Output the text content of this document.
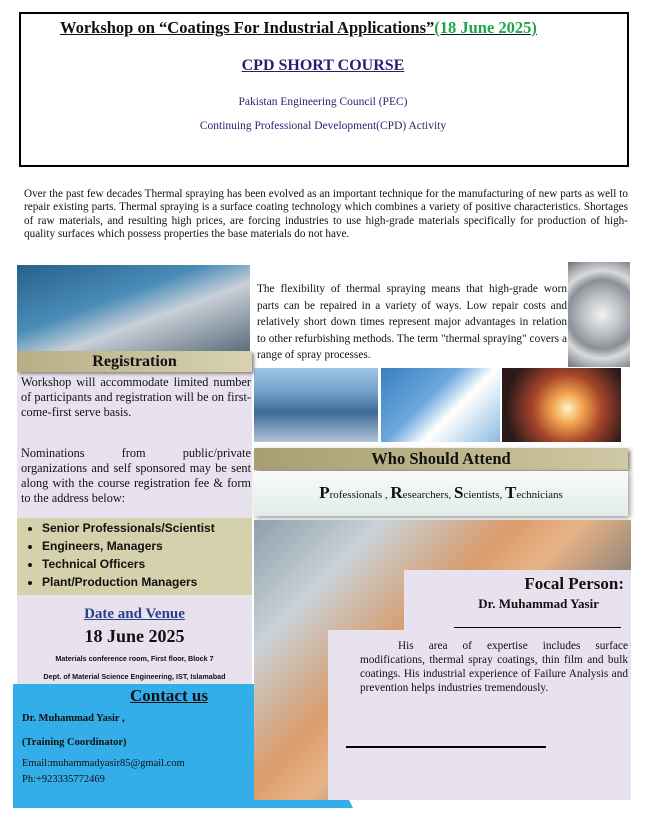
Workshop on “Coatings For Industrial Applications”(18 June 2025)
CPD SHORT COURSE
Pakistan Engineering Council (PEC)
Continuing Professional Development(CPD) Activity
Over the past few decades Thermal spraying has been evolved as an important technique for the manufacturing of new parts as well to repair existing parts. Thermal spraying is a surface coating technology which combines a variety of positive characteristics. Shortages of raw materials, and resulting high prices, are forcing industries to use high-grade materials specifically for production of high-quality surfaces which possess properties the base materials do not have.
The flexibility of thermal spraying means that high-grade worn parts can be repaired in a variety of ways. Low repair costs and relatively short down times represent major advantages in relation to other refurbishing methods. The term "thermal spraying" covers a range of spray processes.
Registration
Workshop will accommodate limited number of participants and registration will be on first-come-first serve basis.
Nominations from public/private organizations and self sponsored may be sent along with the course registration fee & form to the address below:
• Senior Professionals/Scientist
• Engineers, Managers
• Technical Officers
• Plant/Production Managers
Date and Venue
18 June 2025
Materials conference room, First floor, Block 7
Dept. of Material Science Engineering, IST, Islamabad
Contact us
Dr. Muhammad Yasir ,
(Training Coordinator)
Email:muhammadyasir85@gmail.com
Ph:+923335772469
Who Should Attend
Professionals , Researchers, Scientists, Technicians
Focal Person:
Dr. Muhammad Yasir
His area of expertise includes surface modifications, thermal spray coatings, thin film and bulk coatings. His industrial experience of Failure Analysis and prevention helps industries tremendously.
